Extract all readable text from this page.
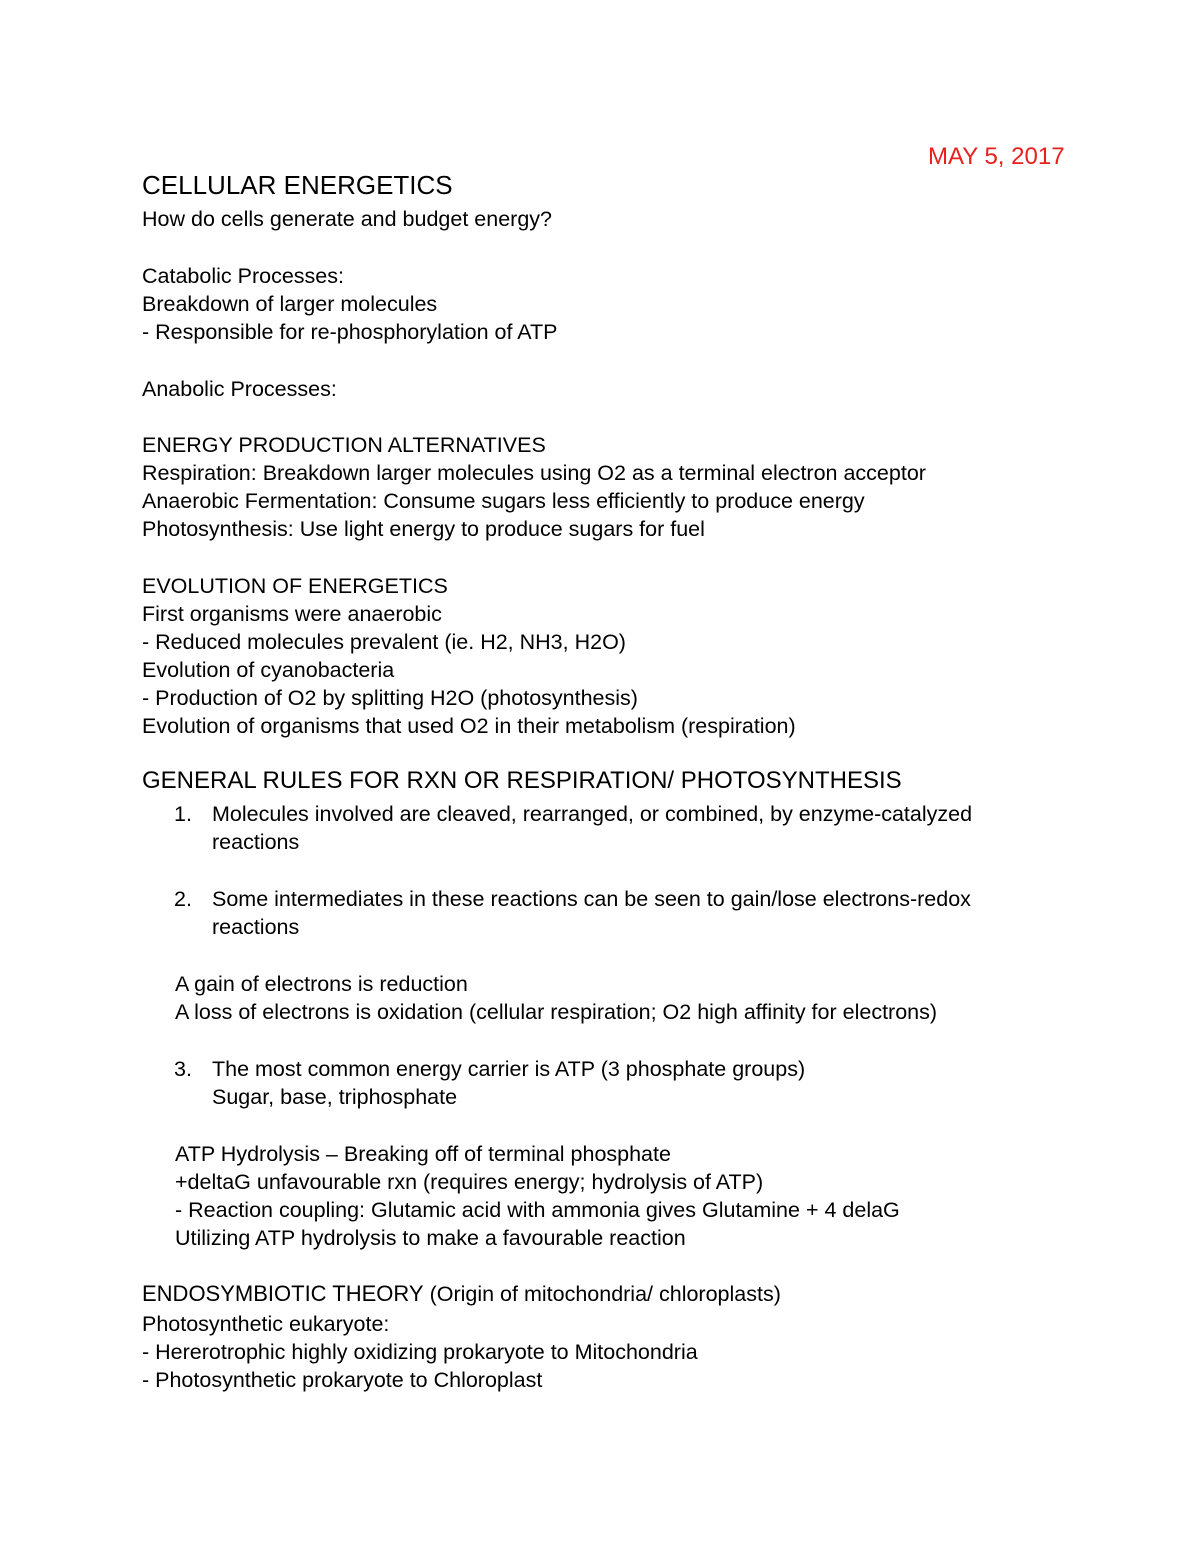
MAY 5, 2017
CELLULAR ENERGETICS
How do cells generate and budget energy?
Catabolic Processes:
Breakdown of larger molecules
- Responsible for re-phosphorylation of ATP
Anabolic Processes:
ENERGY PRODUCTION ALTERNATIVES
Respiration: Breakdown larger molecules using O2 as a terminal electron acceptor
Anaerobic Fermentation: Consume sugars less efficiently to produce energy
Photosynthesis: Use light energy to produce sugars for fuel
EVOLUTION OF ENERGETICS
First organisms were anaerobic
- Reduced molecules prevalent (ie. H2, NH3, H2O)
Evolution of cyanobacteria
- Production of O2 by splitting H2O (photosynthesis)
Evolution of organisms that used O2 in their metabolism (respiration)
GENERAL RULES FOR RXN OR RESPIRATION/ PHOTOSYNTHESIS
1. Molecules involved are cleaved, rearranged, or combined, by enzyme-catalyzed
reactions
2. Some intermediates in these reactions can be seen to gain/lose electrons-redox
reactions
A gain of electrons is reduction
A loss of electrons is oxidation (cellular respiration; O2 high affinity for electrons)
3. The most common energy carrier is ATP (3 phosphate groups)
Sugar, base, triphosphate
ATP Hydrolysis – Breaking off of terminal phosphate
+deltaG unfavourable rxn (requires energy; hydrolysis of ATP)
- Reaction coupling: Glutamic acid with ammonia gives Glutamine + 4 delaG
Utilizing ATP hydrolysis to make a favourable reaction
ENDOSYMBIOTIC THEORY (Origin of mitochondria/ chloroplasts)
Photosynthetic eukaryote:
- Hererotrophic highly oxidizing prokaryote to Mitochondria
- Photosynthetic prokaryote to Chloroplast
